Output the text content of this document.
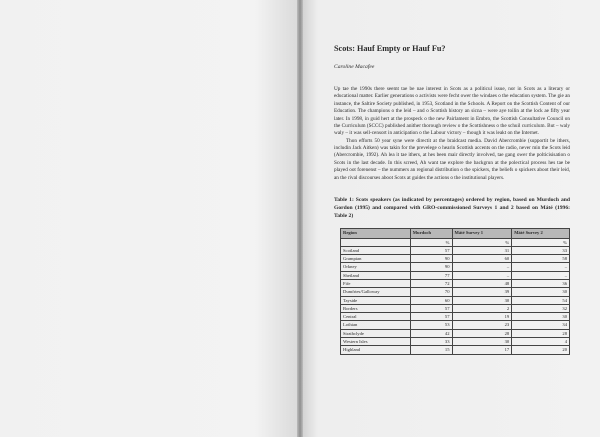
Scots: Hauf Empty or Hauf Fu?
Caroline Macafee

Up tae the 1990s there seemt tae be nae interest in Scots as a politicul issue, nor in Scots as a literary or educational matter. Earlier generations o activists were fecht ower the windaes o the education system. The gie an instance, the Saltire Society published, in 1953, Scotland in the Schools. A Report on the Scottish Content of our Education. The champions o the leid – and o Scottish history an sicna – were aye toilin at the lock ae fifty year later. In 1998, in guid hert at the prospeck o the new Pairlament in Embro, the Scottish Consultative Council on the Curriculum (SCCC) published anither thorough review o the Scottishness o the schuil curriculum. But – waly waly – it was sell-censort in anticipation o the Labour victory – though it was leakt on the Internet.

Thon efforts 50 year syne were directit at the braidcast media. David Abercrombie (supportit be ithers, includin Jack Aitken) was takin for the prevelege o hearin Scottish accents on the radio, never min the Scots leid (Abercrombie, 1992). Ah lea it tae ithers, at hes been mair directly involved, tae gang ower the polticisisation o Scots in the last decade. In this screed, Ah want tae explore the backgrun at the polectical process hes tae be played oot forenenst – the nummers an regional distribution o the spickers, the beliefs o spickers aboot their leid, an the rival discourses aboot Scots at guides the actions o the institutional players.

Table 1: Scots speakers (as indicated by percentages) ordered by region, based on Murdoch and Gordon (1995) and compared with GRO-commissioned Surveys 1 and 2 based on Máté (1996: Table 2)
Region	Murdoch	Máté Survey 1	Máté Survey 2
	%	%	%
Scotland	57	31	33
Grampian	90	60	58
Orkney	90	–	–
Shetland	77	–	–
Fife	72	48	36
Dumfries/Galloway	70	39	30
Tayside	60	30	54
Borders	57	2	32
Central	57	19	30
Lothian	53	23	34
Strathclyde	42	28	28
Western Isles	33	30	4
Highland	15	17	20
